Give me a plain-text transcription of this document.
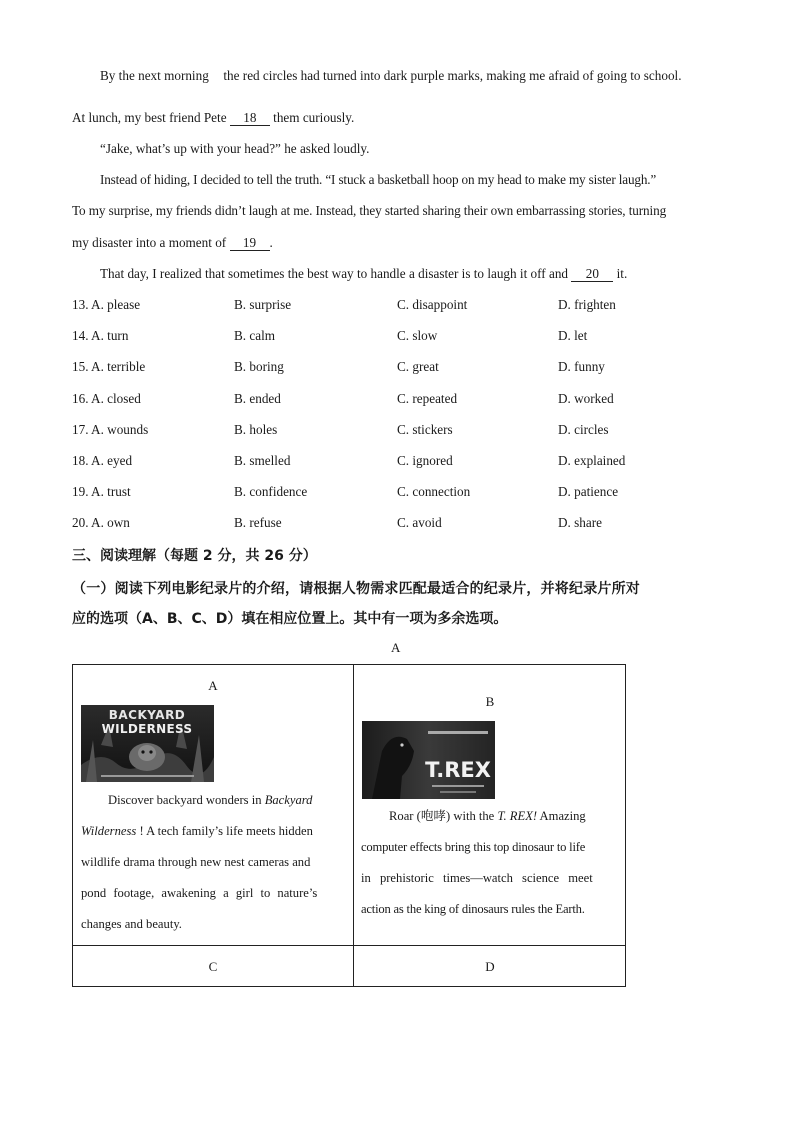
By the next morning the red circles had turned into dark purple marks, making me afraid of going to school.
At lunch, my best friend Pete 18 them curiously.
“Jake, what’s up with your head?” he asked loudly.
Instead of hiding, I decided to tell the truth. “I stuck a basketball hoop on my head to make my sister laugh.”
To my surprise, my friends didn’t laugh at me. Instead, they started sharing their own embarrassing stories, turning
my disaster into a moment of 19 .
That day, I realized that sometimes the best way to handle a disaster is to laugh it off and 20 it.
13. A. please	B. surprise	C. disappoint	D. frighten
14. A. turn	B. calm	C. slow	D. let
15. A. terrible	B. boring	C. great	D. funny
16. A. closed	B. ended	C. repeated	D. worked
17. A. wounds	B. holes	C. stickers	D. circles
18. A. eyed	B. smelled	C. ignored	D. explained
19. A. trust	B. confidence	C. connection	D. patience
20. A. own	B. refuse	C. avoid	D. share
三、阅读理解（每题 2 分，共 26 分）
（一）阅读下列电影纪录片的介绍，请根据人物需求匹配最适合的纪录片，并将纪录片所对
应的选项（A、B、C、D）填在相应位置上。其中有一项为多余选项。
A
A
BACKYARD
WILDERNESS
Discover backyard wonders in Backyard
Wilderness ! A tech family’s life meets hidden
wildlife drama through new nest cameras and
pond footage, awakening a girl to nature’s
changes and beauty.
B
T.REX
Roar (咆哮) with the T. REX! Amazing
computer effects bring this top dinosaur to life
in prehistoric times—watch science meet
action as the king of dinosaurs rules the Earth.
C	D
